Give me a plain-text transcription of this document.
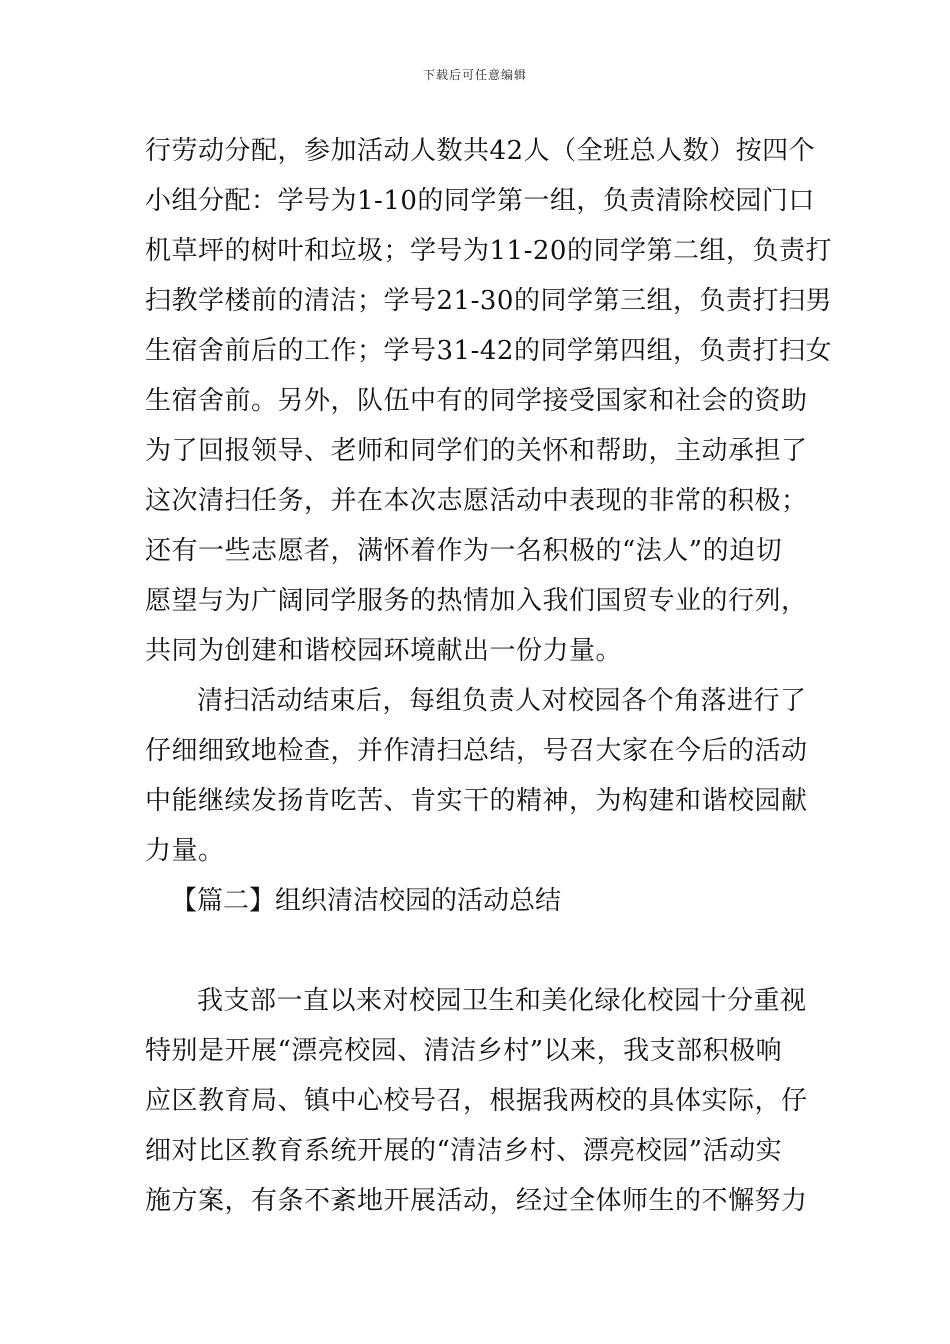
下载后可任意编辑
行劳动分配，参加活动人数共42人（全班总人数）按四个
小组分配：学号为1-10的同学第一组，负责清除校园门口
机草坪的树叶和垃圾；学号为11-20的同学第二组，负责打
扫教学楼前的清洁；学号21-30的同学第三组，负责打扫男
生宿舍前后的工作；学号31-42的同学第四组，负责打扫女
生宿舍前。另外，队伍中有的同学接受国家和社会的资助
为了回报领导、老师和同学们的关怀和帮助，主动承担了
这次清扫任务，并在本次志愿活动中表现的非常的积极；
还有一些志愿者，满怀着作为一名积极的“法人”的迫切
愿望与为广阔同学服务的热情加入我们国贸专业的行列，
共同为创建和谐校园环境献出一份力量。
清扫活动结束后，每组负责人对校园各个角落进行了
仔细细致地检查，并作清扫总结，号召大家在今后的活动
中能继续发扬肯吃苦、肯实干的精神，为构建和谐校园献
力量。
【篇二】组织清洁校园的活动总结
我支部一直以来对校园卫生和美化绿化校园十分重视
特别是开展“漂亮校园、清洁乡村”以来，我支部积极响
应区教育局、镇中心校号召，根据我两校的具体实际，仔
细对比区教育系统开展的“清洁乡村、漂亮校园”活动实
施方案，有条不紊地开展活动，经过全体师生的不懈努力
